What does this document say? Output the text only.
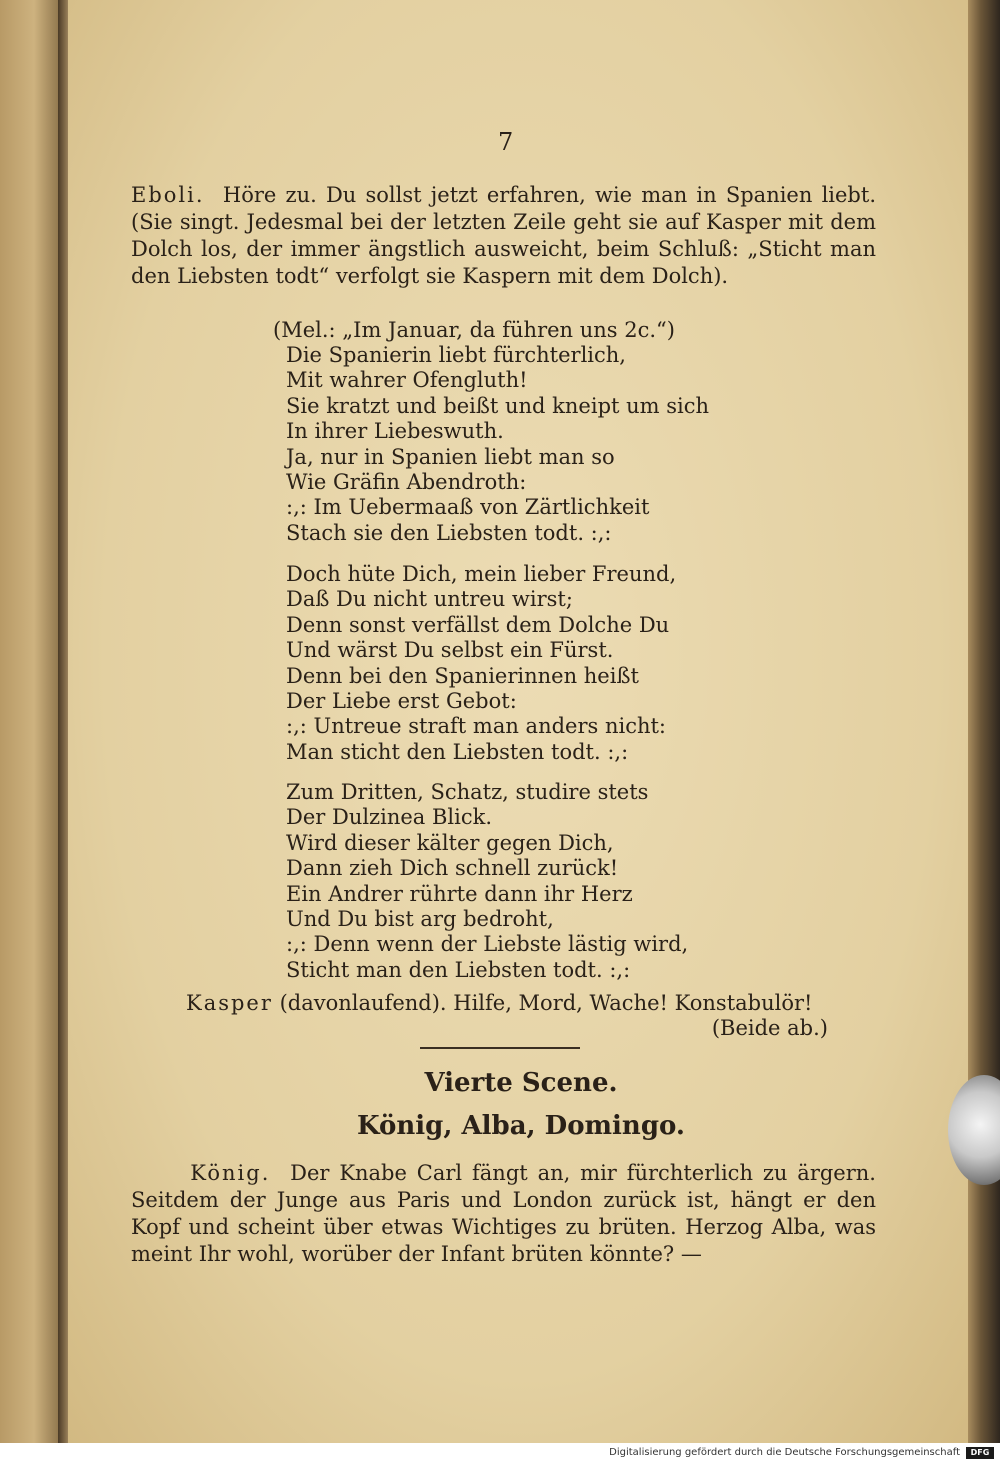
7

Eboli. Höre zu. Du sollst jetzt erfahren, wie man in Spanien liebt. (Sie singt. Jedesmal bei der letzten Zeile geht sie auf Kasper mit dem Dolch los, der immer ängstlich ausweicht, beim Schluß: „Sticht man den Liebsten todt“ verfolgt sie Kaspern mit dem Dolch).

(Mel.: „Im Januar, da führen uns 2c.“)
Die Spanierin liebt fürchterlich,
Mit wahrer Ofengluth!
Sie kratzt und beißt und kneipt um sich
In ihrer Liebeswuth.
Ja, nur in Spanien liebt man so
Wie Gräfin Abendroth:
:,: Im Uebermaaß von Zärtlichkeit
Stach sie den Liebsten todt. :,:
Doch hüte Dich, mein lieber Freund,
Daß Du nicht untreu wirst;
Denn sonst verfällst dem Dolche Du
Und wärst Du selbst ein Fürst.
Denn bei den Spanierinnen heißt
Der Liebe erst Gebot:
:,: Untreue straft man anders nicht:
Man sticht den Liebsten todt. :,:
Zum Dritten, Schatz, studire stets
Der Dulzinea Blick.
Wird dieser kälter gegen Dich,
Dann zieh Dich schnell zurück!
Ein Andrer rührte dann ihr Herz
Und Du bist arg bedroht,
:,: Denn wenn der Liebste lästig wird,
Sticht man den Liebsten todt. :,:

Kasper (davonlaufend). Hilfe, Mord, Wache! Konstabulör!

(Beide ab.)
Vierte Scene.
König, Alba, Domingo.

König. Der Knabe Carl fängt an, mir fürchterlich zu ärgern. Seitdem der Junge aus Paris und London zurück ist, hängt er den Kopf und scheint über etwas Wichtiges zu brüten. Herzog Alba, was meint Ihr wohl, worüber der Infant brüten könnte? —

Digitalisierung gefördert durch die Deutsche Forschungsgemeinschaft	DFG
